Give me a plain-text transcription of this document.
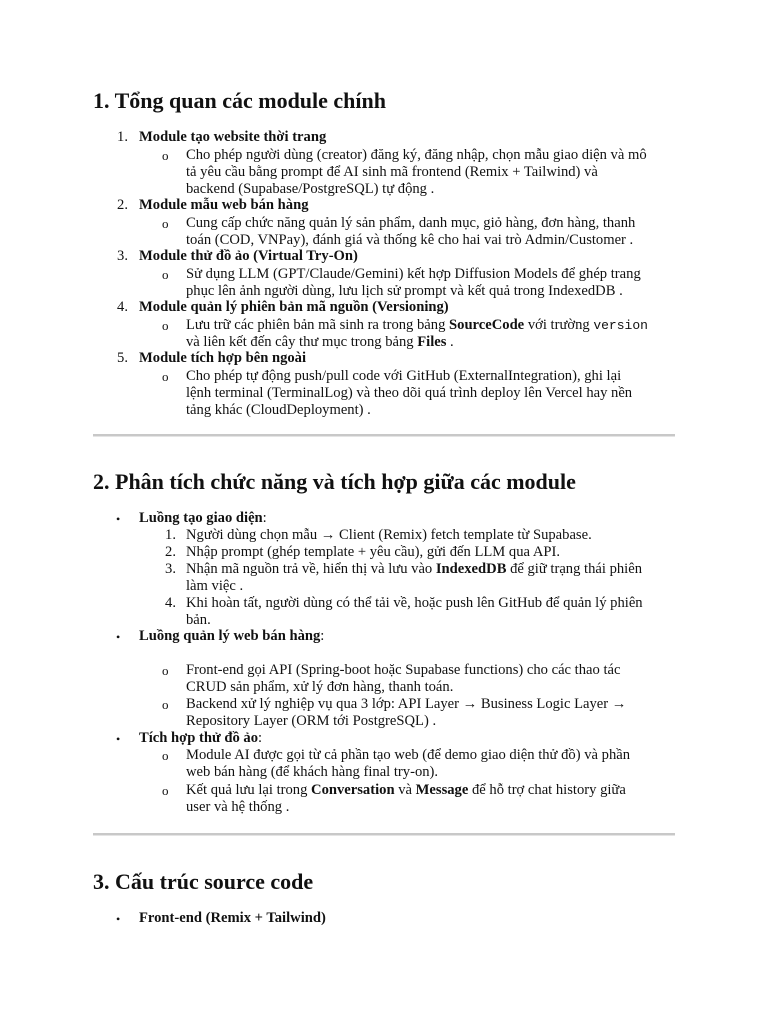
1. Tổng quan các module chính
1. Module tạo website thời trang
o Cho phép người dùng (creator) đăng ký, đăng nhập, chọn mẫu giao diện và mô
tả yêu cầu bằng prompt để AI sinh mã frontend (Remix + Tailwind) và
backend (Supabase/PostgreSQL) tự động .
2. Module mẫu web bán hàng
o Cung cấp chức năng quản lý sản phẩm, danh mục, giỏ hàng, đơn hàng, thanh
toán (COD, VNPay), đánh giá và thống kê cho hai vai trò Admin/Customer .
3. Module thử đồ ảo (Virtual Try-On)
o Sử dụng LLM (GPT/Claude/Gemini) kết hợp Diffusion Models để ghép trang
phục lên ảnh người dùng, lưu lịch sử prompt và kết quả trong IndexedDB .
4. Module quản lý phiên bản mã nguồn (Versioning)
o Lưu trữ các phiên bản mã sinh ra trong bảng SourceCode với trường version
và liên kết đến cây thư mục trong bảng Files .
5. Module tích hợp bên ngoài
o Cho phép tự động push/pull code với GitHub (ExternalIntegration), ghi lại
lệnh terminal (TerminalLog) và theo dõi quá trình deploy lên Vercel hay nền
tảng khác (CloudDeployment) .
2. Phân tích chức năng và tích hợp giữa các module
• Luồng tạo giao diện:
1. Người dùng chọn mẫu → Client (Remix) fetch template từ Supabase.
2. Nhập prompt (ghép template + yêu cầu), gửi đến LLM qua API.
3. Nhận mã nguồn trả về, hiển thị và lưu vào IndexedDB để giữ trạng thái phiên
làm việc .
4. Khi hoàn tất, người dùng có thể tải về, hoặc push lên GitHub để quản lý phiên
bản.
• Luồng quản lý web bán hàng:
o Front-end gọi API (Spring-boot hoặc Supabase functions) cho các thao tác
CRUD sản phẩm, xử lý đơn hàng, thanh toán.
o Backend xử lý nghiệp vụ qua 3 lớp: API Layer → Business Logic Layer →
Repository Layer (ORM tới PostgreSQL) .
• Tích hợp thử đồ ảo:
o Module AI được gọi từ cả phần tạo web (để demo giao diện thử đồ) và phần
web bán hàng (để khách hàng final try-on).
o Kết quả lưu lại trong Conversation và Message để hỗ trợ chat history giữa
user và hệ thống .
3. Cấu trúc source code
• Front-end (Remix + Tailwind)
